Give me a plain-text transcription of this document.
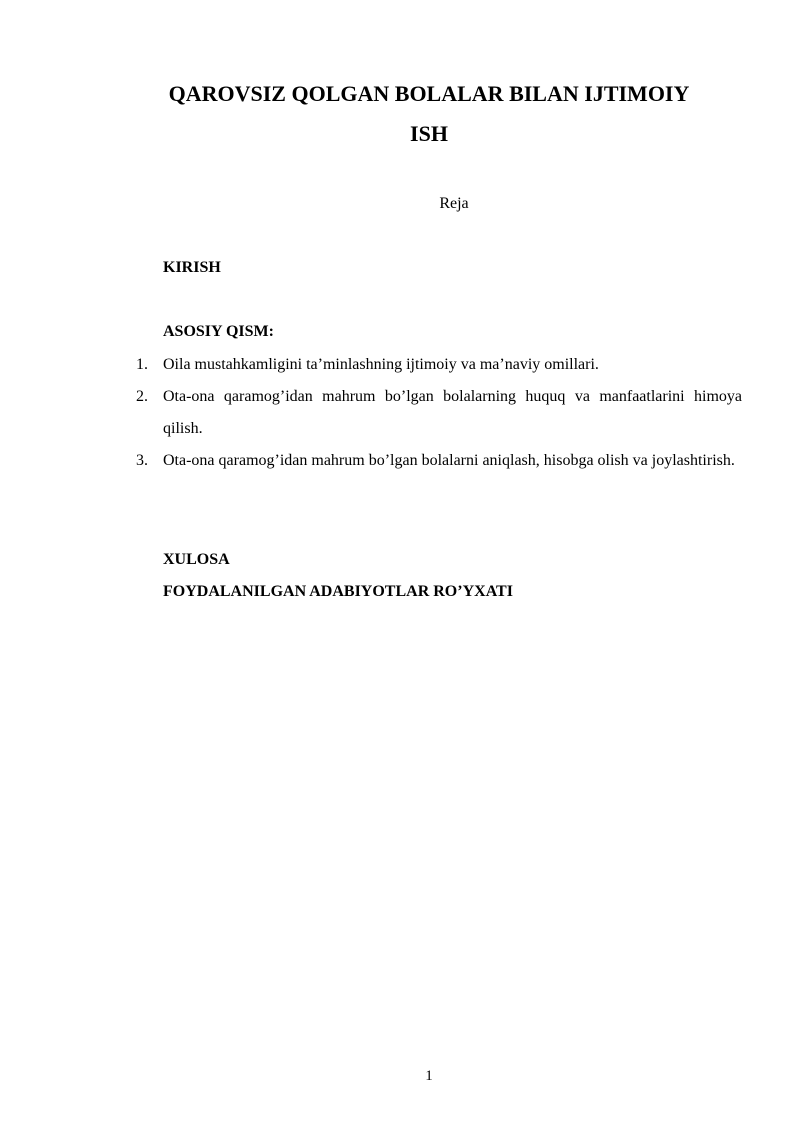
QAROVSIZ QOLGAN BOLALAR BILAN IJTIMOIY
ISH

Reja

KIRISH

ASOSIY QISM:

1. Oila mustahkamligini ta’minlashning ijtimoiy va ma’naviy omillari.
2. Ota-ona qaramog’idan mahrum bo’lgan bolalarning huquq va manfaatlarini himoya qilish.
3. Ota-ona qaramog’idan mahrum bo’lgan bolalarni aniqlash, hisobga olish va joylashtirish.

XULOSA

FOYDALANILGAN ADABIYOTLAR RO’YXATI

1
